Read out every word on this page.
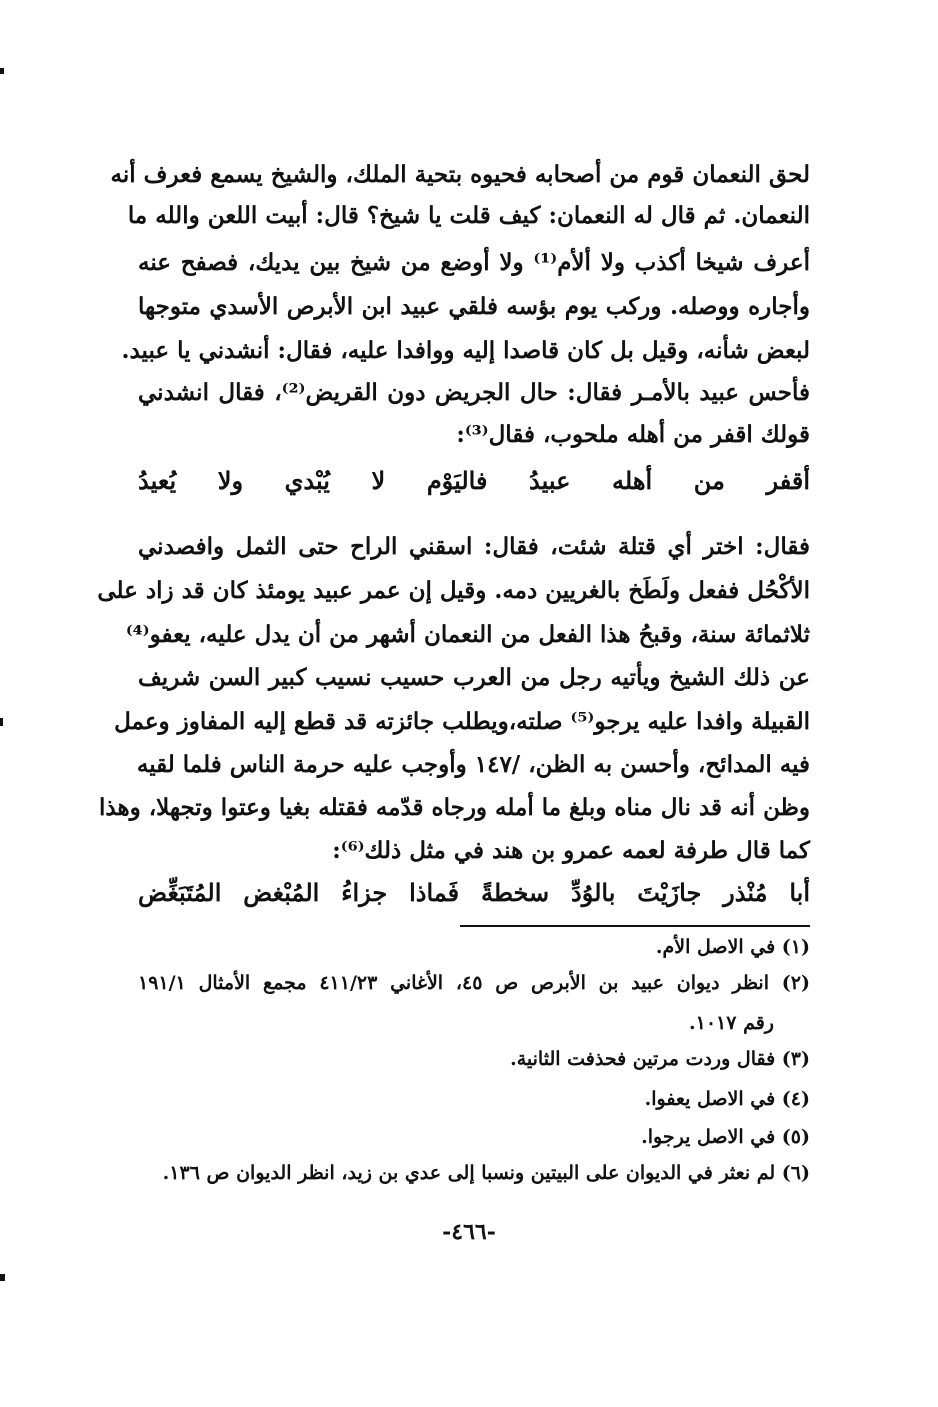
لحق النعمان قوم من أصحابه فحيوه بتحية الملك، والشيخ يسمع فعرف أنه
النعمان. ثم قال له النعمان: كيف قلت يا شيخ؟ قال: أبيت اللعن والله ما
أعرف شيخا أكذب ولا ألأم⁽¹⁾ ولا أوضع من شيخ بين يديك، فصفح عنه
وأجاره ووصله. وركب يوم بؤسه فلقي عبيد ابن الأبرص الأسدي متوجها
لبعض شأنه، وقيل بل كان قاصدا إليه ووافدا عليه، فقال: أنشدني يا عبيد.
فأحس عبيد بالأمـر فقال: حال الجريض دون القريض⁽²⁾، فقال انشدني
قولك اقفر من أهله ملحوب، فقال⁽³⁾:
أقفر
من
أهله
عبيدُ
فاليَوْم
لا
يُبْدي
ولا
يُعيدُ
فقال: اختر أي قتلة شئت، فقال: اسقني الراح حتى الثمل وافصدني
الأكْحُل ففعل ولَطَخ بالغريين دمه. وقيل إن عمر عبيد يومئذ كان قد زاد على
ثلاثمائة سنة، وقبحُ هذا الفعل من النعمان أشهر من أن يدل عليه، يعفو⁽⁴⁾
عن ذلك الشيخ ويأتيه رجل من العرب حسيب نسيب كبير السن شريف
القبيلة وافدا عليه يرجو⁽⁵⁾ صلته،ويطلب جائزته قد قطع إليه المفاوز وعمل
فيه المدائح، وأحسن به الظن، /١٤٧ وأوجب عليه حرمة الناس فلما لقيه
وظن أنه قد نال مناه وبلغ ما أمله ورجاه قدّمه فقتله بغيا وعتوا وتجهلا، وهذا
كما قال طرفة لعمه عمرو بن هند في مثل ذلك⁽⁶⁾:
أبا
مُنْذر
جازَيْتَ
بالوُدِّ
سخطةً
فَماذا
جزاءُ
المُبْغض
المُتَبَغِّض
(١) في الاصل الأم.
(٢) انظر ديوان عبيد بن الأبرص ص ٤٥، الأغاني ٤١١/٢٣ مجمع الأمثال ١٩١/١
رقم ١٠١٧.
(٣) فقال وردت مرتين فحذفت الثانية.
(٤) في الاصل يعفوا.
(٥) في الاصل يرجوا.
(٦) لم نعثر في الديوان على البيتين ونسبا إلى عدي بن زيد، انظر الديوان ص ١٣٦.
-٤٦٦-
